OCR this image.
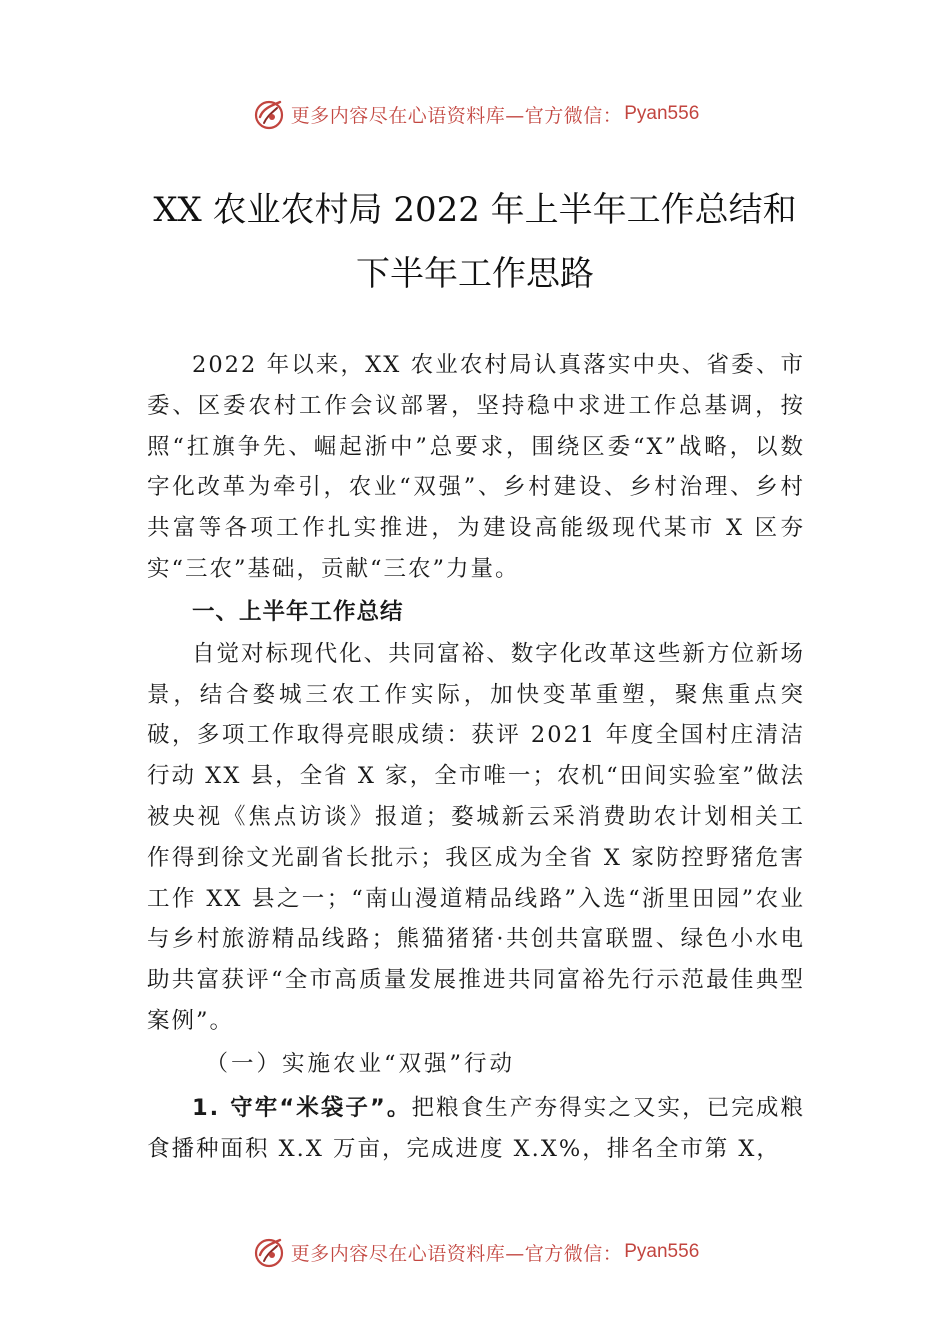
更多内容尽在心语资料库—官方微信： Pyan556
XX 农业农村局 2022 年上半年工作总结和
下半年工作思路

2022 年以来，XX 农业农村局认真落实中央、省委、市委、区委农村工作会议部署，坚持稳中求进工作总基调，按照“扛旗争先、崛起浙中”总要求，围绕区委“X”战略，以数字化改革为牵引，农业“双强”、乡村建设、乡村治理、乡村共富等各项工作扎实推进，为建设高能级现代某市 X 区夯实“三农”基础，贡献“三农”力量。

一、上半年工作总结

自觉对标现代化、共同富裕、数字化改革这些新方位新场景，结合婺城三农工作实际，加快变革重塑，聚焦重点突破，多项工作取得亮眼成绩：获评 2021 年度全国村庄清洁行动 XX 县，全省 X 家，全市唯一；农机“田间实验室”做法被央视《焦点访谈》报道；婺城新云采消费助农计划相关工作得到徐文光副省长批示；我区成为全省 X 家防控野猪危害工作 XX 县之一；“南山漫道精品线路”入选“浙里田园”农业与乡村旅游精品线路；熊猫猪猪·共创共富联盟、绿色小水电助共富获评“全市高质量发展推进共同富裕先行示范最佳典型案例”。

（一）实施农业“双强”行动

1. 守牢“米袋子”。把粮食生产夯得实之又实，已完成粮食播种面积 X.X 万亩，完成进度 X.X%，排名全市第 X，

更多内容尽在心语资料库—官方微信： Pyan556
